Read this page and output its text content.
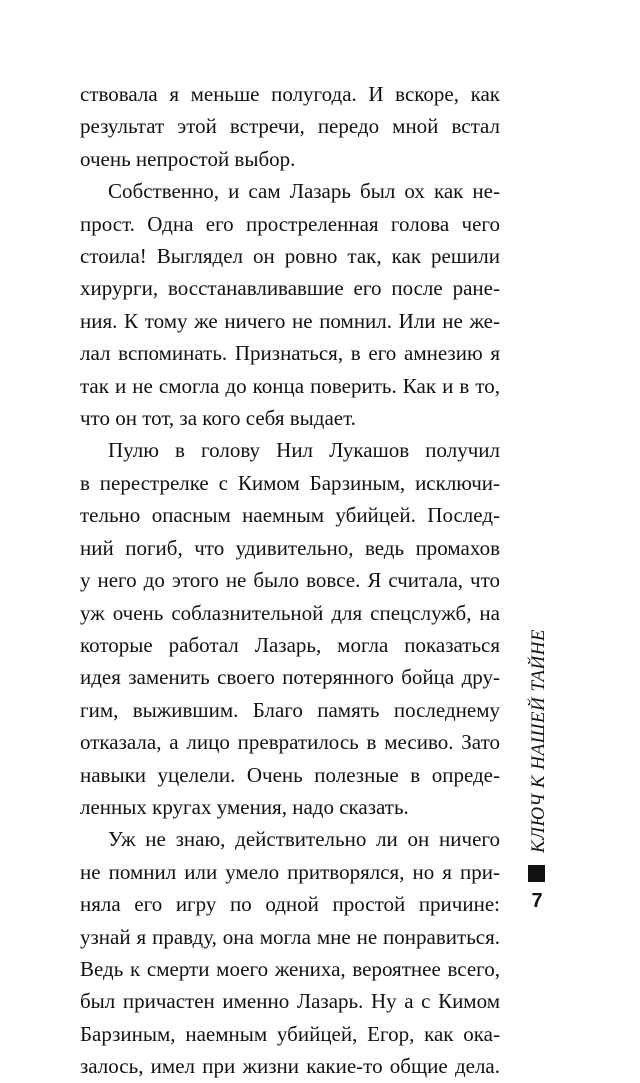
ствовала я меньше полугода. И вскоре, как
результат этой встречи, передо мной встал
очень непростой выбор.

Собственно, и сам Лазарь был ох как не-
прост. Одна его простреленная голова чего
стоила! Выглядел он ровно так, как решили
хирурги, восстанавливавшие его после ране-
ния. К тому же ничего не помнил. Или не же-
лал вспоминать. Признаться, в его амнезию я
так и не смогла до конца поверить. Как и в то,
что он тот, за кого себя выдает.

Пулю в голову Нил Лукашов получил
в перестрелке с Кимом Барзиным, исключи-
тельно опасным наемным убийцей. Послед-
ний погиб, что удивительно, ведь промахов
у него до этого не было вовсе. Я считала, что
уж очень соблазнительной для спецслужб, на
которые работал Лазарь, могла показаться
идея заменить своего потерянного бойца дру-
гим, выжившим. Благо память последнему
отказала, а лицо превратилось в месиво. Зато
навыки уцелели. Очень полезные в опреде-
ленных кругах умения, надо сказать.

Уж не знаю, действительно ли он ничего
не помнил или умело притворялся, но я при-
няла его игру по одной простой причине:
узнай я правду, она могла мне не понравиться.
Ведь к смерти моего жениха, вероятнее всего,
был причастен именно Лазарь. Ну а с Кимом
Барзиным, наемным убийцей, Егор, как ока-
залось, имел при жизни какие-то общие дела.

КЛЮЧ К НАШЕЙ ТАЙНЕ
7
